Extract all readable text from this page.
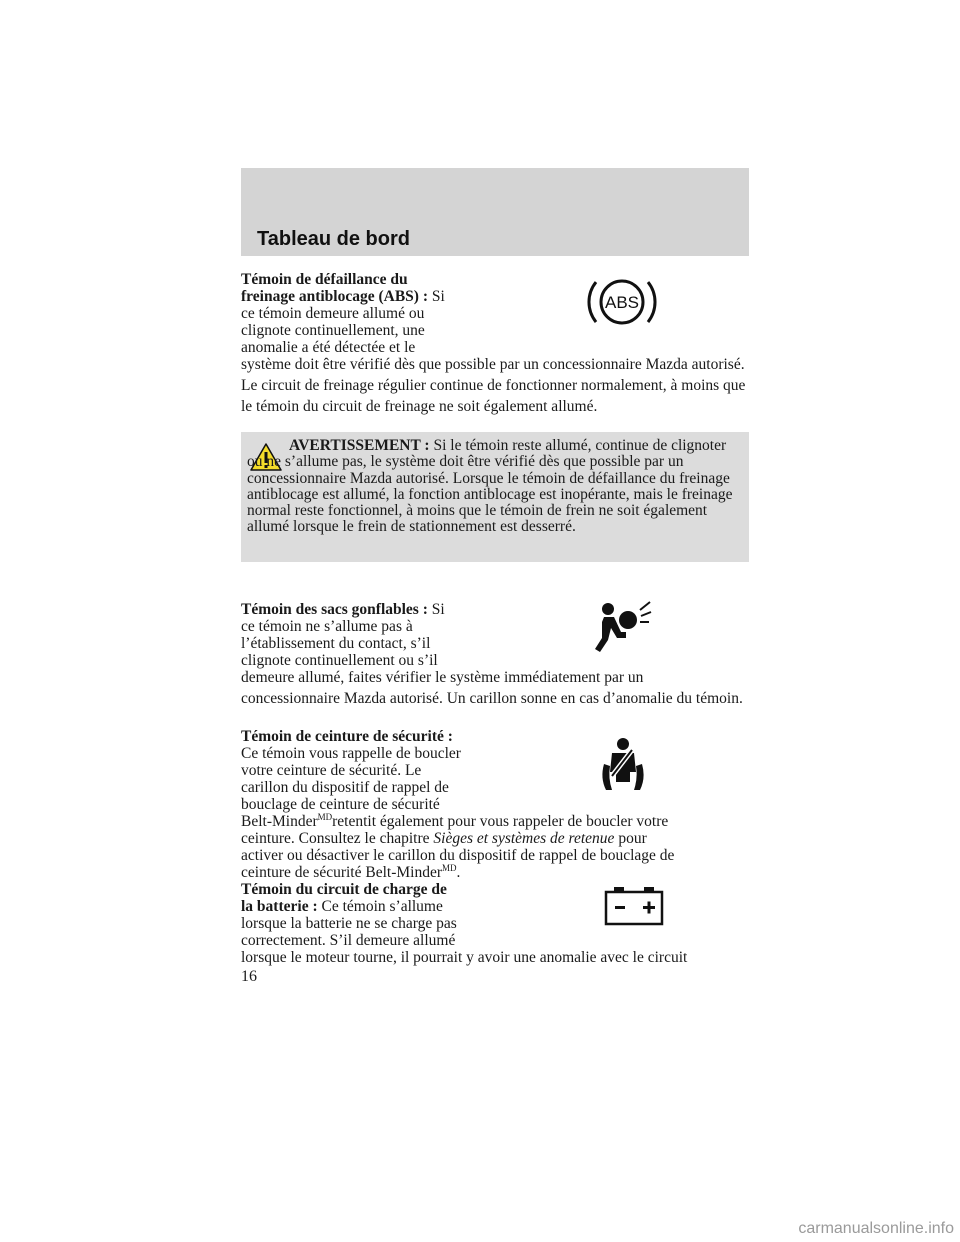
Tableau de bord
Témoin de défaillance du
freinage antiblocage (ABS) : Si
ce témoin demeure allumé ou
clignote continuellement, une
anomalie a été détectée et le
système doit être vérifié dès que possible par un concessionnaire Mazda autorisé. Le circuit de freinage régulier continue de fonctionner normalement, à moins que le témoin du circuit de freinage ne soit également allumé.
ABS
AVERTISSEMENT : Si le témoin reste allumé, continue de clignoter ou ne s’allume pas, le système doit être vérifié dès que possible par un concessionnaire Mazda autorisé. Lorsque le témoin de défaillance du freinage antiblocage est allumé, la fonction antiblocage est inopérante, mais le freinage normal reste fonctionnel, à moins que le témoin de frein ne soit également allumé lorsque le frein de stationnement est desserré.
Témoin des sacs gonflables : Si
ce témoin ne s’allume pas à
l’établissement du contact, s’il
clignote continuellement ou s’il
demeure allumé, faites vérifier le système immédiatement par un concessionnaire Mazda autorisé. Un carillon sonne en cas d’anomalie du témoin.
Témoin de ceinture de sécurité :
Ce témoin vous rappelle de boucler
votre ceinture de sécurité. Le
carillon du dispositif de rappel de
bouclage de ceinture de sécurité
Belt-Minder$^{MD}$retentit également pour vous rappeler de boucler votre
ceinture. Consultez le chapitre Sièges et systèmes de retenue pour
activer ou désactiver le carillon du dispositif de rappel de bouclage de
ceinture de sécurité Belt-Minder$^{MD}$.
Témoin du circuit de charge de
la batterie : Ce témoin s’allume
lorsque la batterie ne se charge pas
correctement. S’il demeure allumé
lorsque le moteur tourne, il pourrait y avoir une anomalie avec le circuit
16
carmanualsonline.info
